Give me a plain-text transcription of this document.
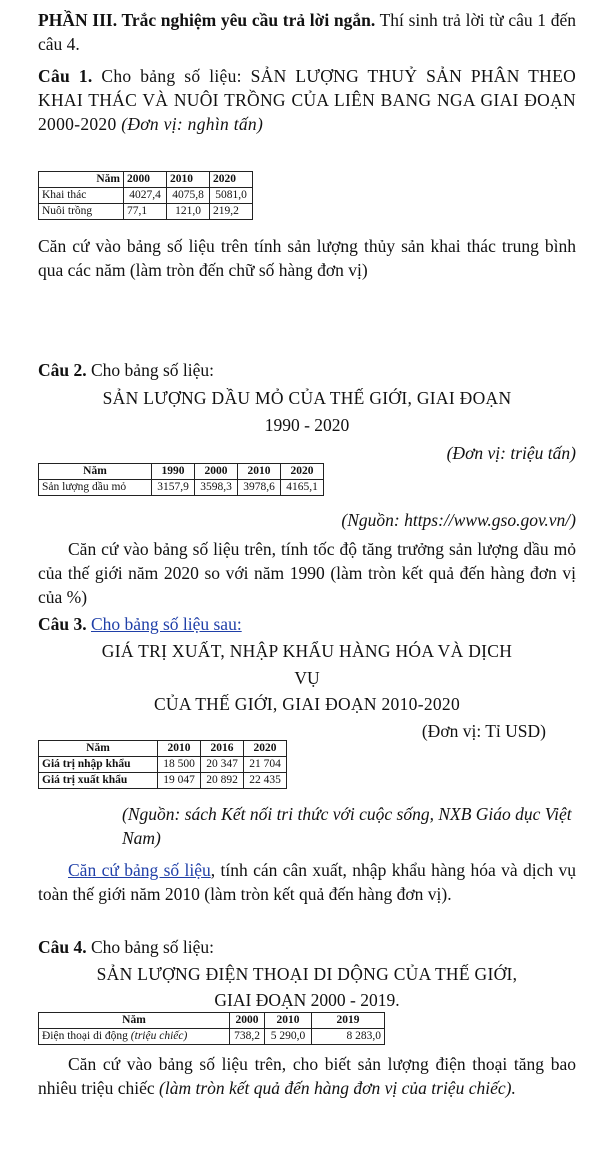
PHẦN III. Trắc nghiệm yêu cầu trả lời ngắn. Thí sinh trả lời từ câu 1 đến câu 4.

Câu 1. Cho bảng số liệu: SẢN LƯỢNG THUỶ SẢN PHÂN THEO KHAI THÁC VÀ NUÔI TRỒNG CỦA LIÊN BANG NGA GIAI ĐOẠN 2000-2020 (Đơn vị: nghìn tấn)

Năm	2000	2010	2020
Khai thác	4027,4	4075,8	5081,0
Nuôi trồng	77,1	121,0	219,2

Căn cứ vào bảng số liệu trên tính sản lượng thủy sản khai thác trung bình qua các năm (làm tròn đến chữ số hàng đơn vị)

Câu 2. Cho bảng số liệu:

SẢN LƯỢNG DẦU MỎ CỦA THẾ GIỚI, GIAI ĐOẠN

1990 - 2020

(Đơn vị: triệu tấn)

Năm	1990	2000	2010	2020
Sản lượng dầu mỏ	3157,9	3598,3	3978,6	4165,1

(Nguồn: https://www.gso.gov.vn/)

Căn cứ vào bảng số liệu trên, tính tốc độ tăng trưởng sản lượng dầu mỏ của thế giới năm 2020 so với năm 1990 (làm tròn kết quả đến hàng đơn vị của %)

Câu 3. Cho bảng số liệu sau:

GIÁ TRỊ XUẤT, NHẬP KHẨU HÀNG HÓA VÀ DỊCH

VỤ

CỦA THẾ GIỚI, GIAI ĐOẠN 2010-2020

(Đơn vị: Tỉ USD)

Năm	2010	2016	2020
Giá trị nhập khẩu	18 500	20 347	21 704
Giá trị xuất khẩu	19 047	20 892	22 435

(Nguồn: sách Kết nối tri thức với cuộc sống, NXB Giáo dục Việt Nam)

Căn cứ bảng số liệu, tính cán cân xuất, nhập khẩu hàng hóa và dịch vụ toàn thế giới năm 2010 (làm tròn kết quả đến hàng đơn vị).

Câu 4. Cho bảng số liệu:

SẢN LƯỢNG ĐIỆN THOẠI DI DỘNG CỦA THẾ GIỚI,

GIAI ĐOẠN 2000 - 2019.

Năm	2000	2010	2019
Điện thoại di động (triệu chiếc)	738,2	5 290,0	8 283,0

Căn cứ vào bảng số liệu trên, cho biết sản lượng điện thoại tăng bao nhiêu triệu chiếc (làm tròn kết quả đến hàng đơn vị của triệu chiếc).
